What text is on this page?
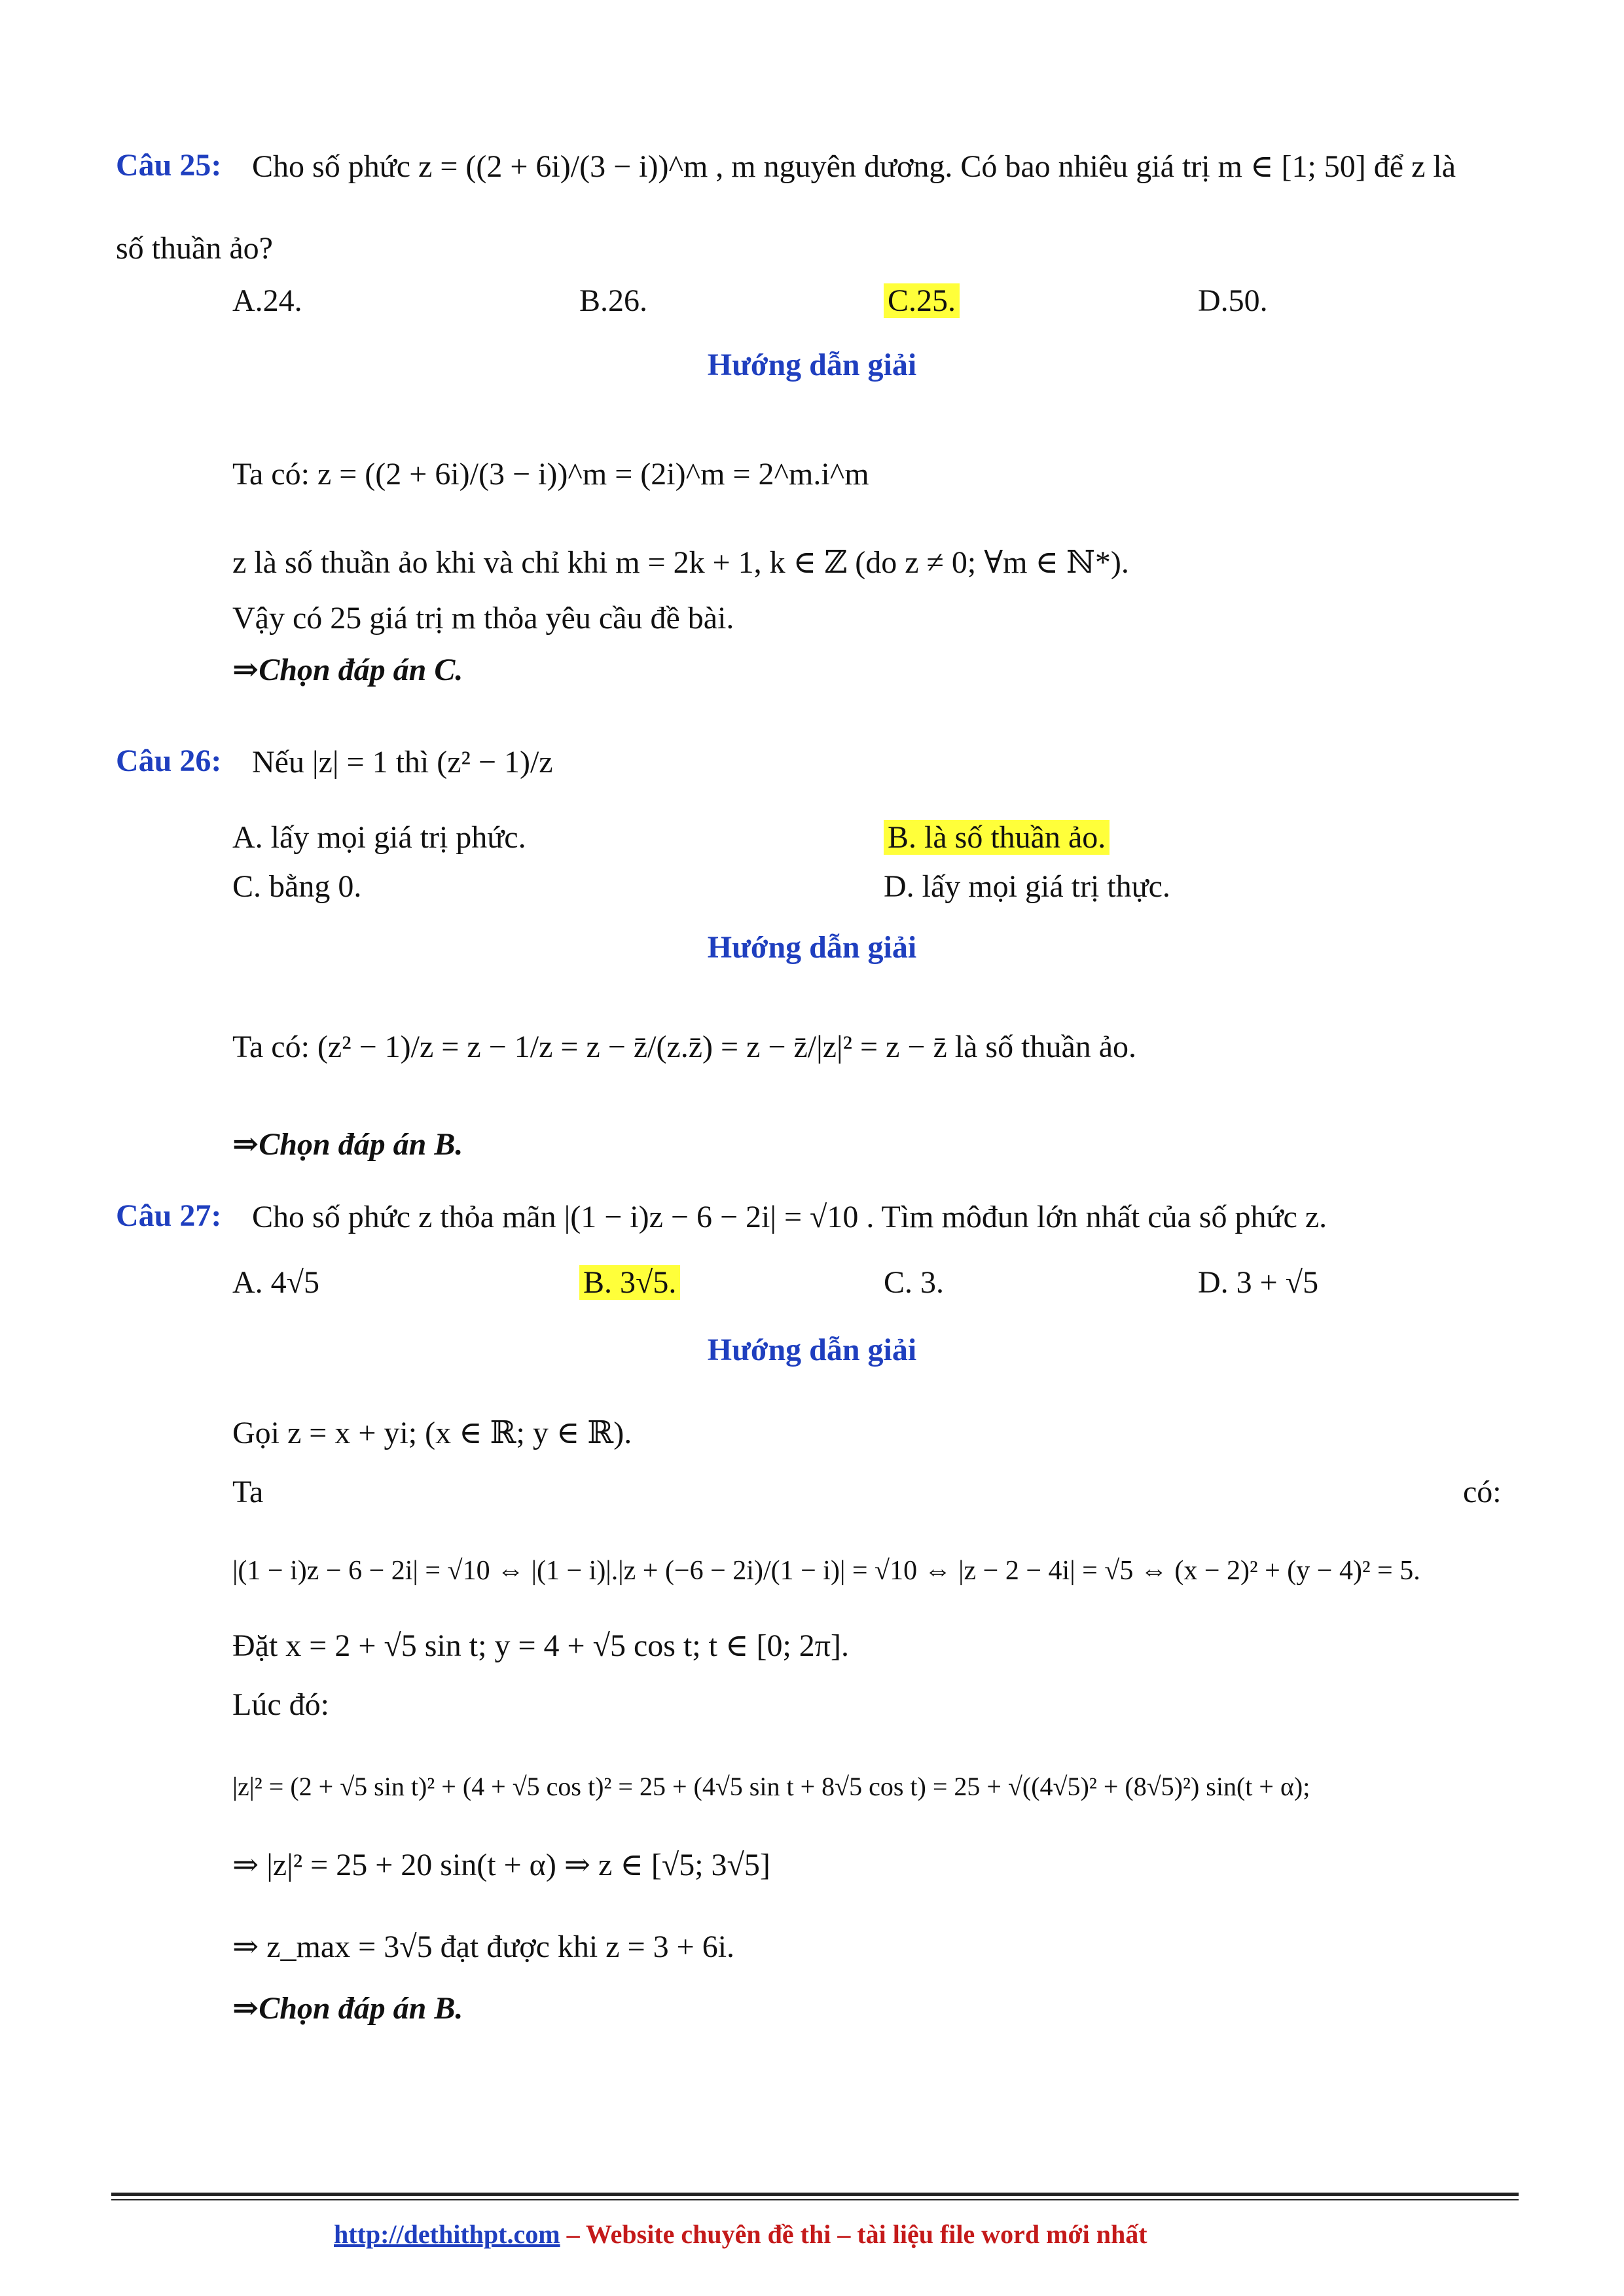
Câu 25: Cho số phức z = ((2 + 6i)/(3 − i))^m , m nguyên dương. Có bao nhiêu giá trị m ∈ [1; 50] để z là
số thuần ảo?
A.24.	B.26.	C.25.	D.50.
Hướng dẫn giải
Ta có: z = ((2 + 6i)/(3 − i))^m = (2i)^m = 2^m.i^m
z là số thuần ảo khi và chỉ khi m = 2k + 1, k ∈ ℤ (do z ≠ 0; ∀m ∈ ℕ*).
Vậy có 25 giá trị m thỏa yêu cầu đề bài.
⇒Chọn đáp án C.
Câu 26: Nếu |z| = 1 thì (z² − 1)/z
A. lấy mọi giá trị phức.	B. là số thuần ảo.
C. bằng 0.	D. lấy mọi giá trị thực.
Hướng dẫn giải
Ta có: (z² − 1)/z = z − 1/z = z − z̄/(z.z̄) = z − z̄/|z|² = z − z̄ là số thuần ảo.
⇒Chọn đáp án B.
Câu 27: Cho số phức z thỏa mãn |(1 − i)z − 6 − 2i| = √10 . Tìm môđun lớn nhất của số phức z.
A. 4√5	B. 3√5.	C. 3.	D. 3 + √5
Hướng dẫn giải
Gọi z = x + yi; (x ∈ ℝ; y ∈ ℝ).
Ta	có:
|(1 − i)z − 6 − 2i| = √10 ⇔ |(1 − i)|.|z + (−6 − 2i)/(1 − i)| = √10 ⇔ |z − 2 − 4i| = √5 ⇔ (x − 2)² + (y − 4)² = 5.
Đặt x = 2 + √5 sin t; y = 4 + √5 cos t; t ∈ [0; 2π].
Lúc đó:
|z|² = (2 + √5 sin t)² + (4 + √5 cos t)² = 25 + (4√5 sin t + 8√5 cos t) = 25 + √((4√5)² + (8√5)²) sin(t + α);
⇒ |z|² = 25 + 20 sin(t + α) ⇒ z ∈ [√5; 3√5]
⇒ z_max = 3√5 đạt được khi z = 3 + 6i.
⇒Chọn đáp án B.
http://dethithpt.com – Website chuyên đề thi – tài liệu file word mới nhất
